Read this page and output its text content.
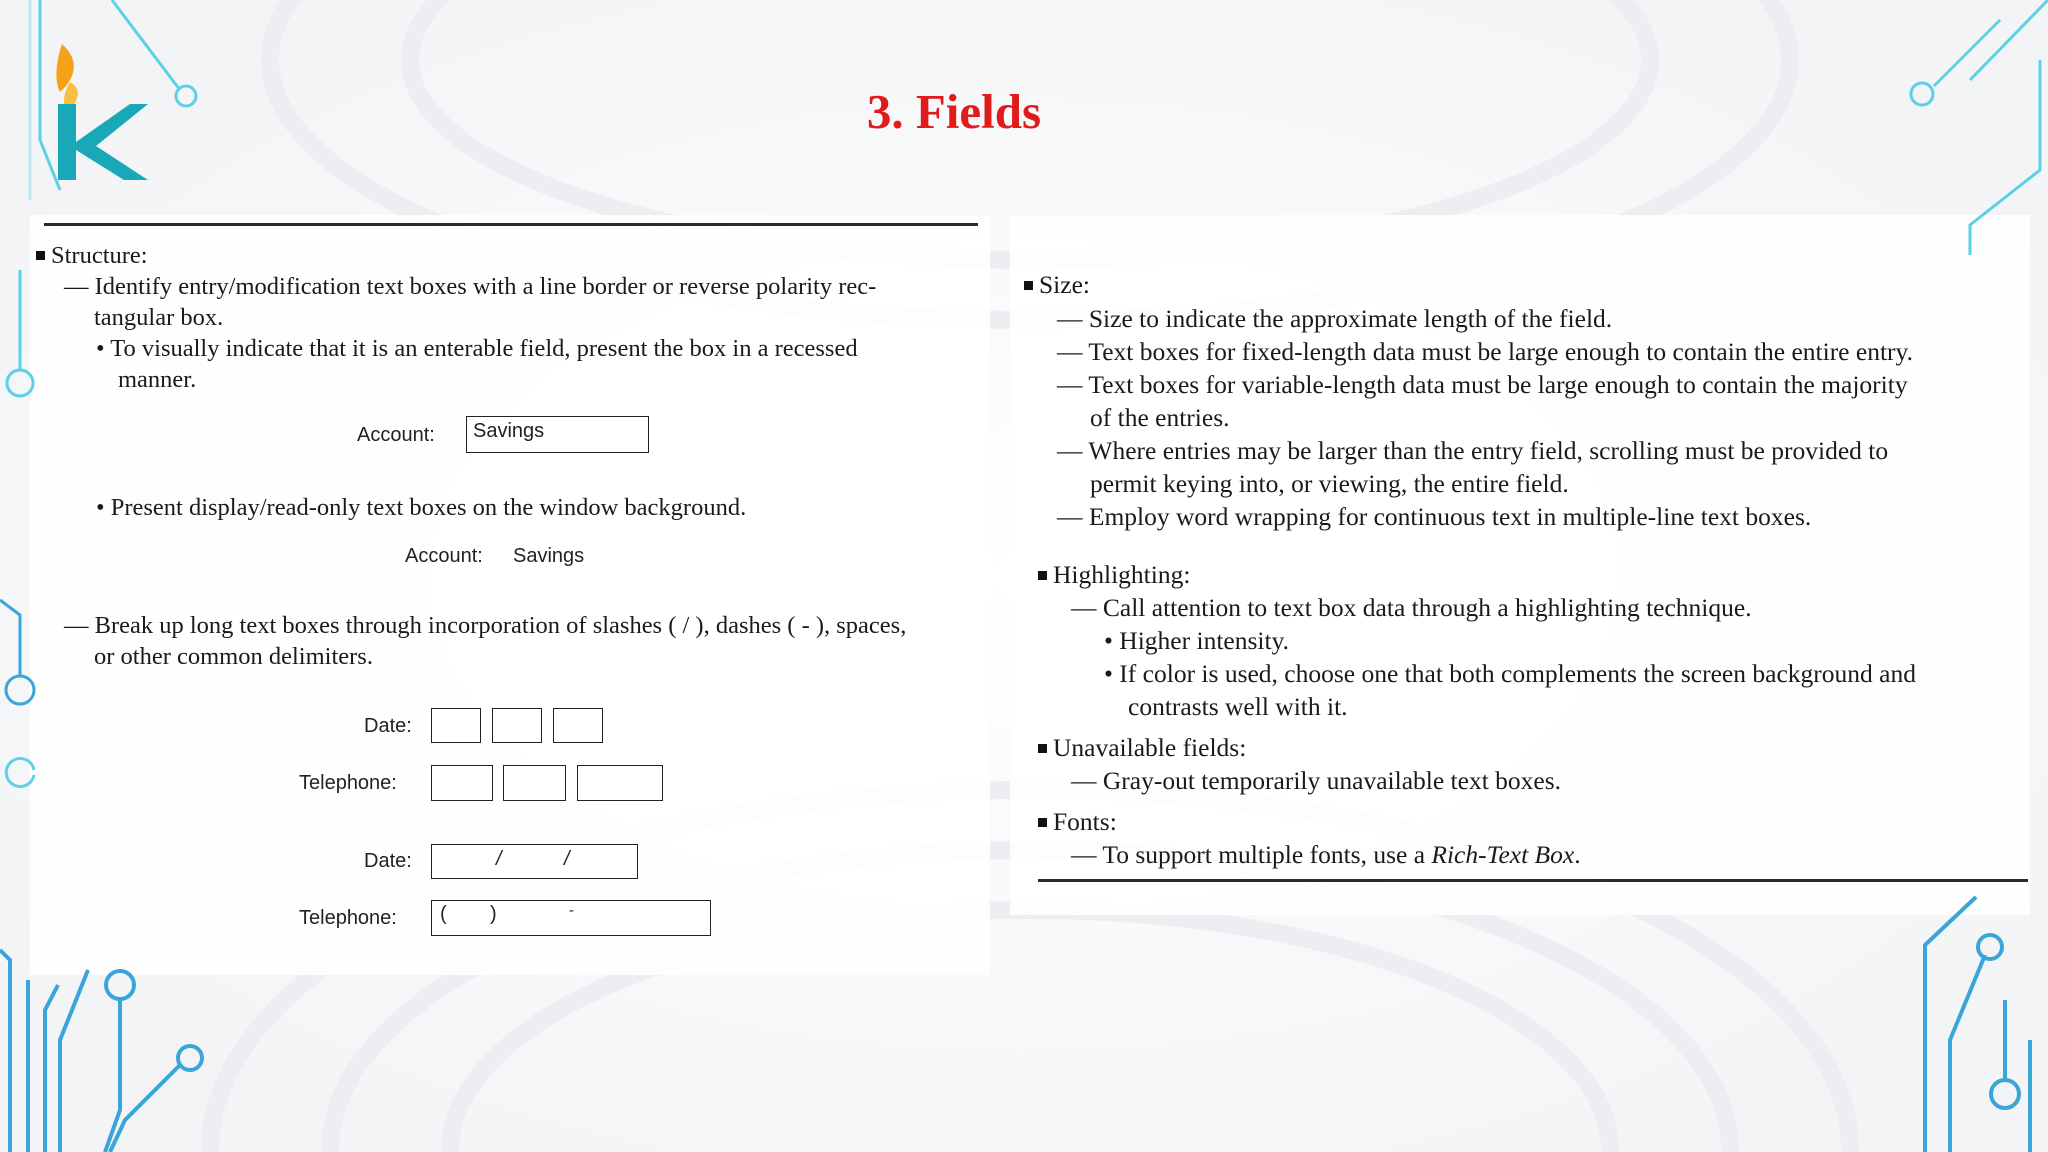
3. Fields
Structure:
— Identify entry/modification text boxes with a line border or reverse polarity rec-
tangular box.
• To visually indicate that it is an enterable field, present the box in a recessed
manner.
Account: Savings
• Present display/read-only text boxes on the window background.
Account: Savings
— Break up long text boxes through incorporation of slashes ( / ), dashes ( - ), spaces,
or other common delimiters.
Date:
Telephone:
Date:	/	/
Telephone: ( )	-
Size:
— Size to indicate the approximate length of the field.
— Text boxes for fixed-length data must be large enough to contain the entire entry.
— Text boxes for variable-length data must be large enough to contain the majority
of the entries.
— Where entries may be larger than the entry field, scrolling must be provided to
permit keying into, or viewing, the entire field.
— Employ word wrapping for continuous text in multiple-line text boxes.
Highlighting:
— Call attention to text box data through a highlighting technique.
• Higher intensity.
• If color is used, choose one that both complements the screen background and
contrasts well with it.
Unavailable fields:
— Gray-out temporarily unavailable text boxes.
Fonts:
— To support multiple fonts, use a Rich-Text Box.
